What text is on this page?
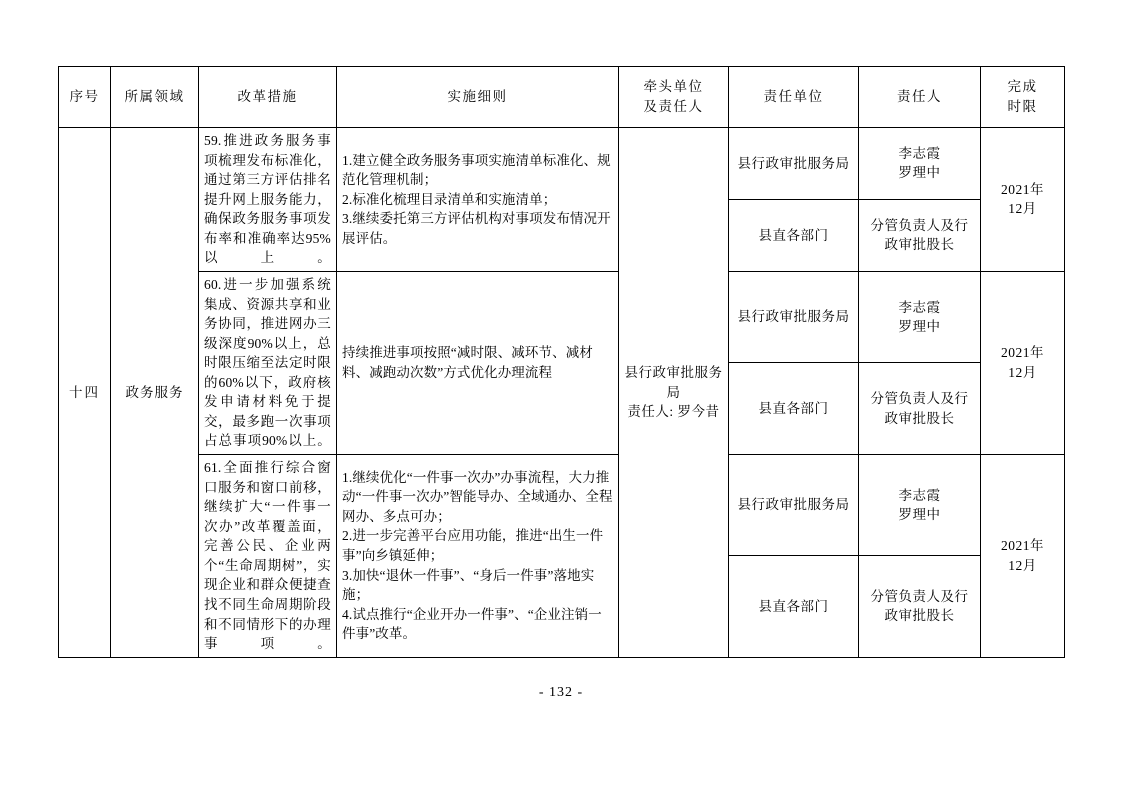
序号	所属领域	改革措施	实施细则	牵头单位
及责任人	责任单位	责任人	完成
时限

十四	政务服务	59.推进政务服务事项梳理发布标准化，通过第三方评估排名提升网上服务能力，确保政务服务事项发布率和准确率达95%以上。	1.建立健全政务服务事项实施清单标准化、规范化管理机制；
2.标准化梳理目录清单和实施清单；
3.继续委托第三方评估机构对事项发布情况开展评估。	县行政审批服务局
责任人: 罗今昔	县行政审批服务局	李志霞
罗理中	2021年
12月

					县直各部门	分管负责人及行
政审批股长	

		60.进一步加强系统集成、资源共享和业务协同，推进网办三级深度90%以上，总时限压缩至法定时限的60%以下，政府核发申请材料免于提交，最多跑一次事项占总事项90%以上。	持续推进事项按照“减时限、减环节、减材料、减跑动次数”方式优化办理流程		县行政审批服务局	李志霞
罗理中	2021年
12月

					县直各部门	分管负责人及行
政审批股长	

		61.全面推行综合窗口服务和窗口前移，继续扩大“一件事一次办”改革覆盖面，完善公民、企业两个“生命周期树”，实现企业和群众便捷查找不同生命周期阶段和不同情形下的办理事项。	1.继续优化“一件事一次办”办事流程，大力推动“一件事一次办”智能导办、全域通办、全程网办、多点可办；
2.进一步完善平台应用功能，推进“出生一件事”向乡镇延伸；
3.加快“退休一件事”、“身后一件事”落地实施；
4.试点推行“企业开办一件事”、“企业注销一件事”改革。		县行政审批服务局	李志霞
罗理中	2021年
12月

					县直各部门	分管负责人及行
政审批股长	
- 132 -
